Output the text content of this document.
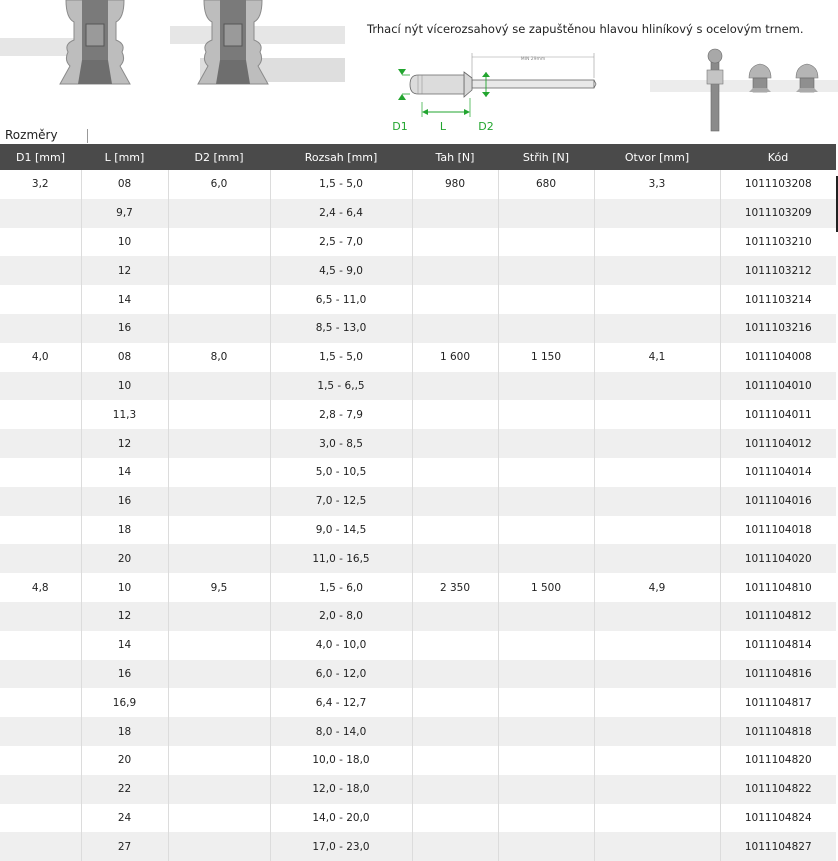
Trhací nýt vícerozsahový se zapuštěnou hlavou hliníkový s ocelovým trnem.
MIN 29mm
D1	L	D2
Rozměry
D1 [mm]	L [mm]	D2 [mm]	Rozsah [mm]	Tah [N]	Střih [N]	Otvor [mm]	Kód
3,2	08	6,0	1,5 - 5,0	980	680	3,3	1011103208
	9,7		2,4 - 6,4				1011103209
	10		2,5 - 7,0				1011103210
	12		4,5 - 9,0				1011103212
	14		6,5 - 11,0				1011103214
	16		8,5 - 13,0				1011103216
4,0	08	8,0	1,5 - 5,0	1 600	1 150	4,1	1011104008
	10		1,5 - 6,,5				1011104010
	11,3		2,8 - 7,9				1011104011
	12		3,0 - 8,5				1011104012
	14		5,0 - 10,5				1011104014
	16		7,0 - 12,5				1011104016
	18		9,0 - 14,5				1011104018
	20		11,0 - 16,5				1011104020
4,8	10	9,5	1,5 - 6,0	2 350	1 500	4,9	1011104810
	12		2,0 - 8,0				1011104812
	14		4,0 - 10,0				1011104814
	16		6,0 - 12,0				1011104816
	16,9		6,4 - 12,7				1011104817
	18		8,0 - 14,0				1011104818
	20		10,0 - 18,0				1011104820
	22		12,0 - 18,0				1011104822
	24		14,0 - 20,0				1011104824
	27		17,0 - 23,0				1011104827
